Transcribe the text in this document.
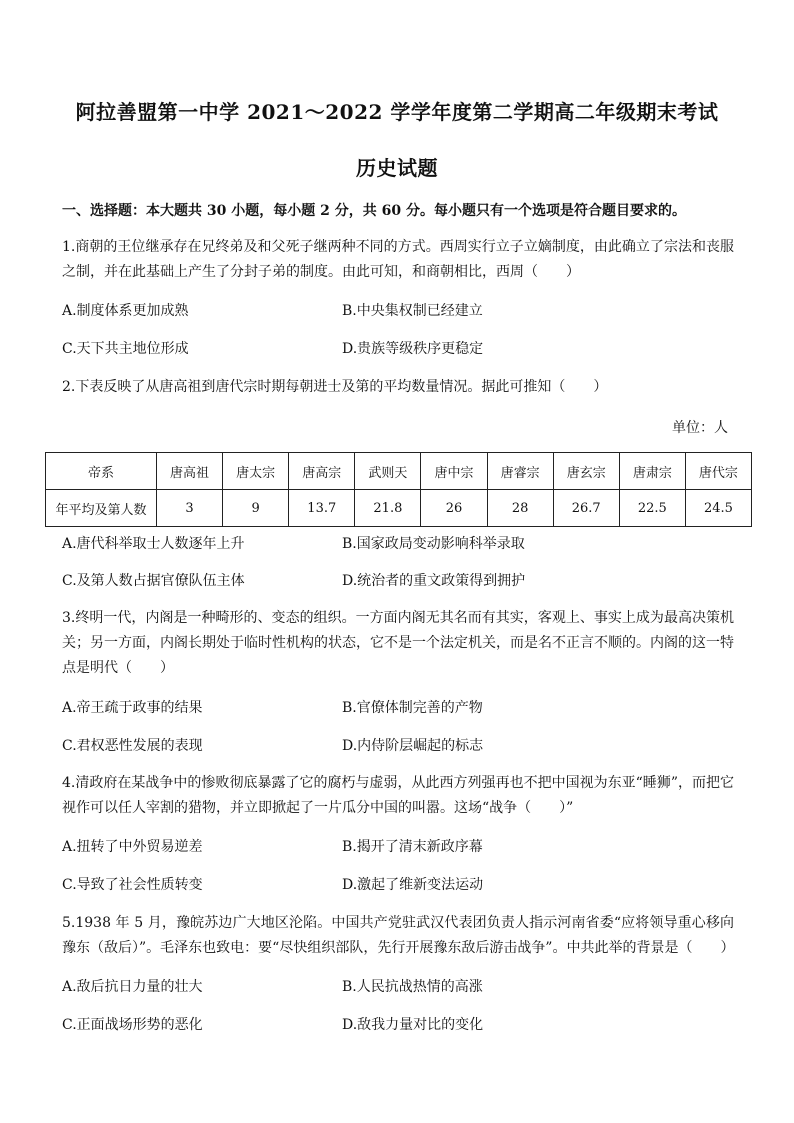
阿拉善盟第一中学 2021～2022 学学年度第二学期高二年级期末考试
历史试题
一、选择题：本大题共 30 小题，每小题 2 分，共 60 分。每小题只有一个选项是符合题目要求的。
1.商朝的王位继承存在兄终弟及和父死子继两种不同的方式。西周实行立子立嫡制度，由此确立了宗法和丧服之制，并在此基础上产生了分封子弟的制度。由此可知，和商朝相比，西周（　　）
A.制度体系更加成熟	B.中央集权制已经建立
C.天下共主地位形成	D.贵族等级秩序更稳定
2.下表反映了从唐高祖到唐代宗时期每朝进士及第的平均数量情况。据此可推知（　　）
单位：人
帝系	唐高祖	唐太宗	唐高宗	武则天	唐中宗	唐睿宗	唐玄宗	唐肃宗	唐代宗
年平均及第人数	3	9	13.7	21.8	26	28	26.7	22.5	24.5
A.唐代科举取士人数逐年上升	B.国家政局变动影响科举录取
C.及第人数占据官僚队伍主体	D.统治者的重文政策得到拥护
3.终明一代，内阁是一种畸形的、变态的组织。一方面内阁无其名而有其实，客观上、事实上成为最高决策机关；另一方面，内阁长期处于临时性机构的状态，它不是一个法定机关，而是名不正言不顺的。内阁的这一特点是明代（　　）
A.帝王疏于政事的结果	B.官僚体制完善的产物
C.君权恶性发展的表现	D.内侍阶层崛起的标志
4.清政府在某战争中的惨败彻底暴露了它的腐朽与虚弱，从此西方列强再也不把中国视为东亚“睡狮”，而把它视作可以任人宰割的猎物，并立即掀起了一片瓜分中国的叫嚣。这场“战争（　　）”
A.扭转了中外贸易逆差	B.揭开了清末新政序幕
C.导致了社会性质转变	D.激起了维新变法运动
5.1938 年 5 月，豫皖苏边广大地区沦陷。中国共产党驻武汉代表团负责人指示河南省委“应将领导重心移向豫东（敌后）”。毛泽东也致电：要“尽快组织部队，先行开展豫东敌后游击战争”。中共此举的背景是（　　）
A.敌后抗日力量的壮大	B.人民抗战热情的高涨
C.正面战场形势的恶化	D.敌我力量对比的变化
